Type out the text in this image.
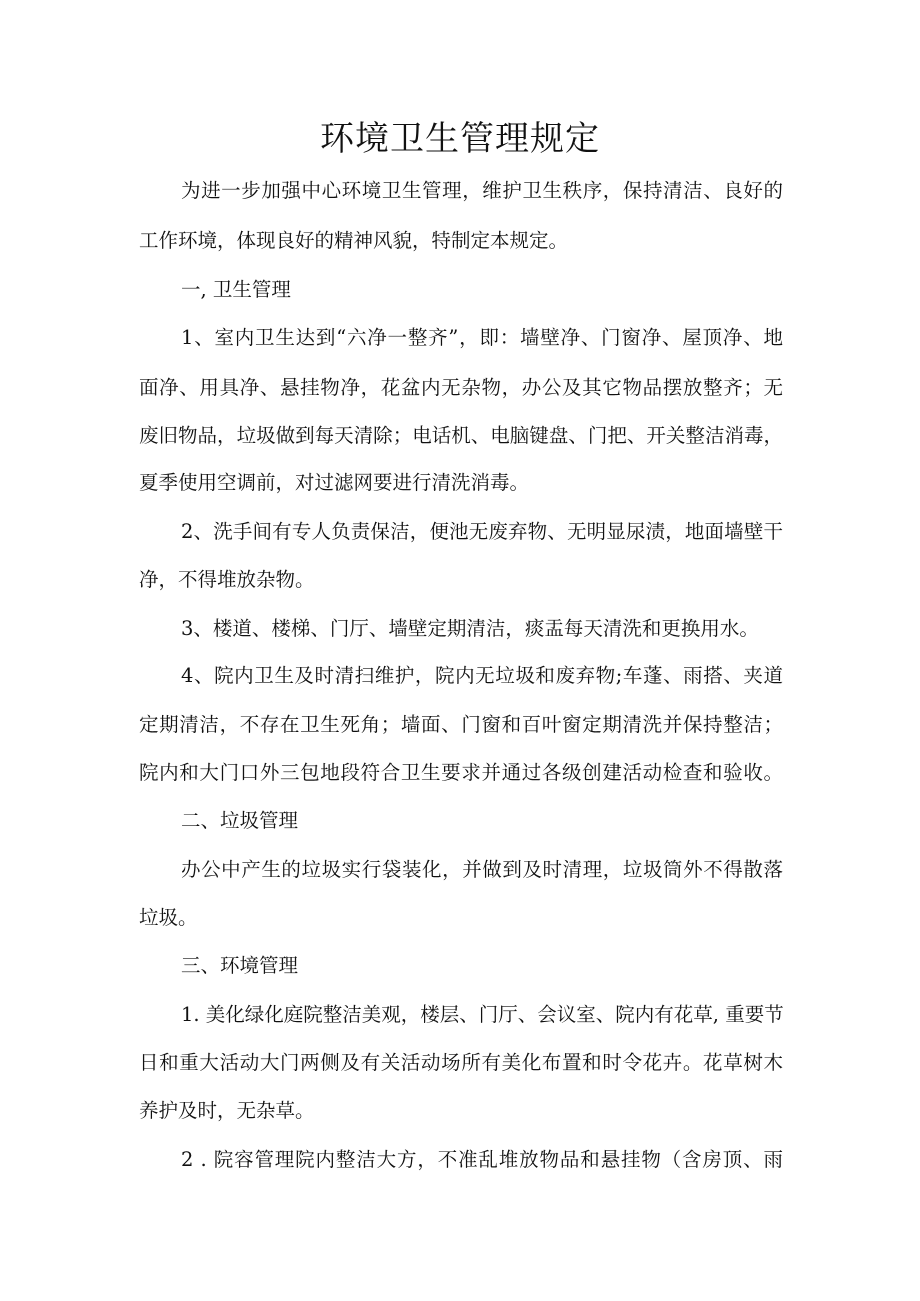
环境卫生管理规定

为进一步加强中心环境卫生管理，维护卫生秩序，保持清洁、良好的

工作环境，体现良好的精神风貌，特制定本规定。

一, 卫生管理

1、室内卫生达到“六净一整齐”，即：墙壁净、门窗净、屋顶净、地

面净、用具净、悬挂物净，花盆内无杂物，办公及其它物品摆放整齐；无

废旧物品，垃圾做到每天清除；电话机、电脑键盘、门把、开关整洁消毒，

夏季使用空调前，对过滤网要进行清洗消毒。

2、洗手间有专人负责保洁，便池无废弃物、无明显尿渍，地面墙壁干

净，不得堆放杂物。

3、楼道、楼梯、门厅、墙壁定期清洁，痰盂每天清洗和更换用水。

4、院内卫生及时清扫维护，院内无垃圾和废弃物;车蓬、雨搭、夹道

定期清洁，不存在卫生死角；墙面、门窗和百叶窗定期清洗并保持整洁；

院内和大门口外三包地段符合卫生要求并通过各级创建活动检查和验收。

二、垃圾管理

办公中产生的垃圾实行袋装化，并做到及时清理，垃圾筒外不得散落

垃圾。

三、环境管理

1. 美化绿化庭院整洁美观，楼层、门厅、会议室、院内有花草, 重要节

日和重大活动大门两侧及有关活动场所有美化布置和时令花卉。花草树木

养护及时，无杂草。

2 . 院容管理院内整洁大方，不准乱堆放物品和悬挂物（含房顶、雨
